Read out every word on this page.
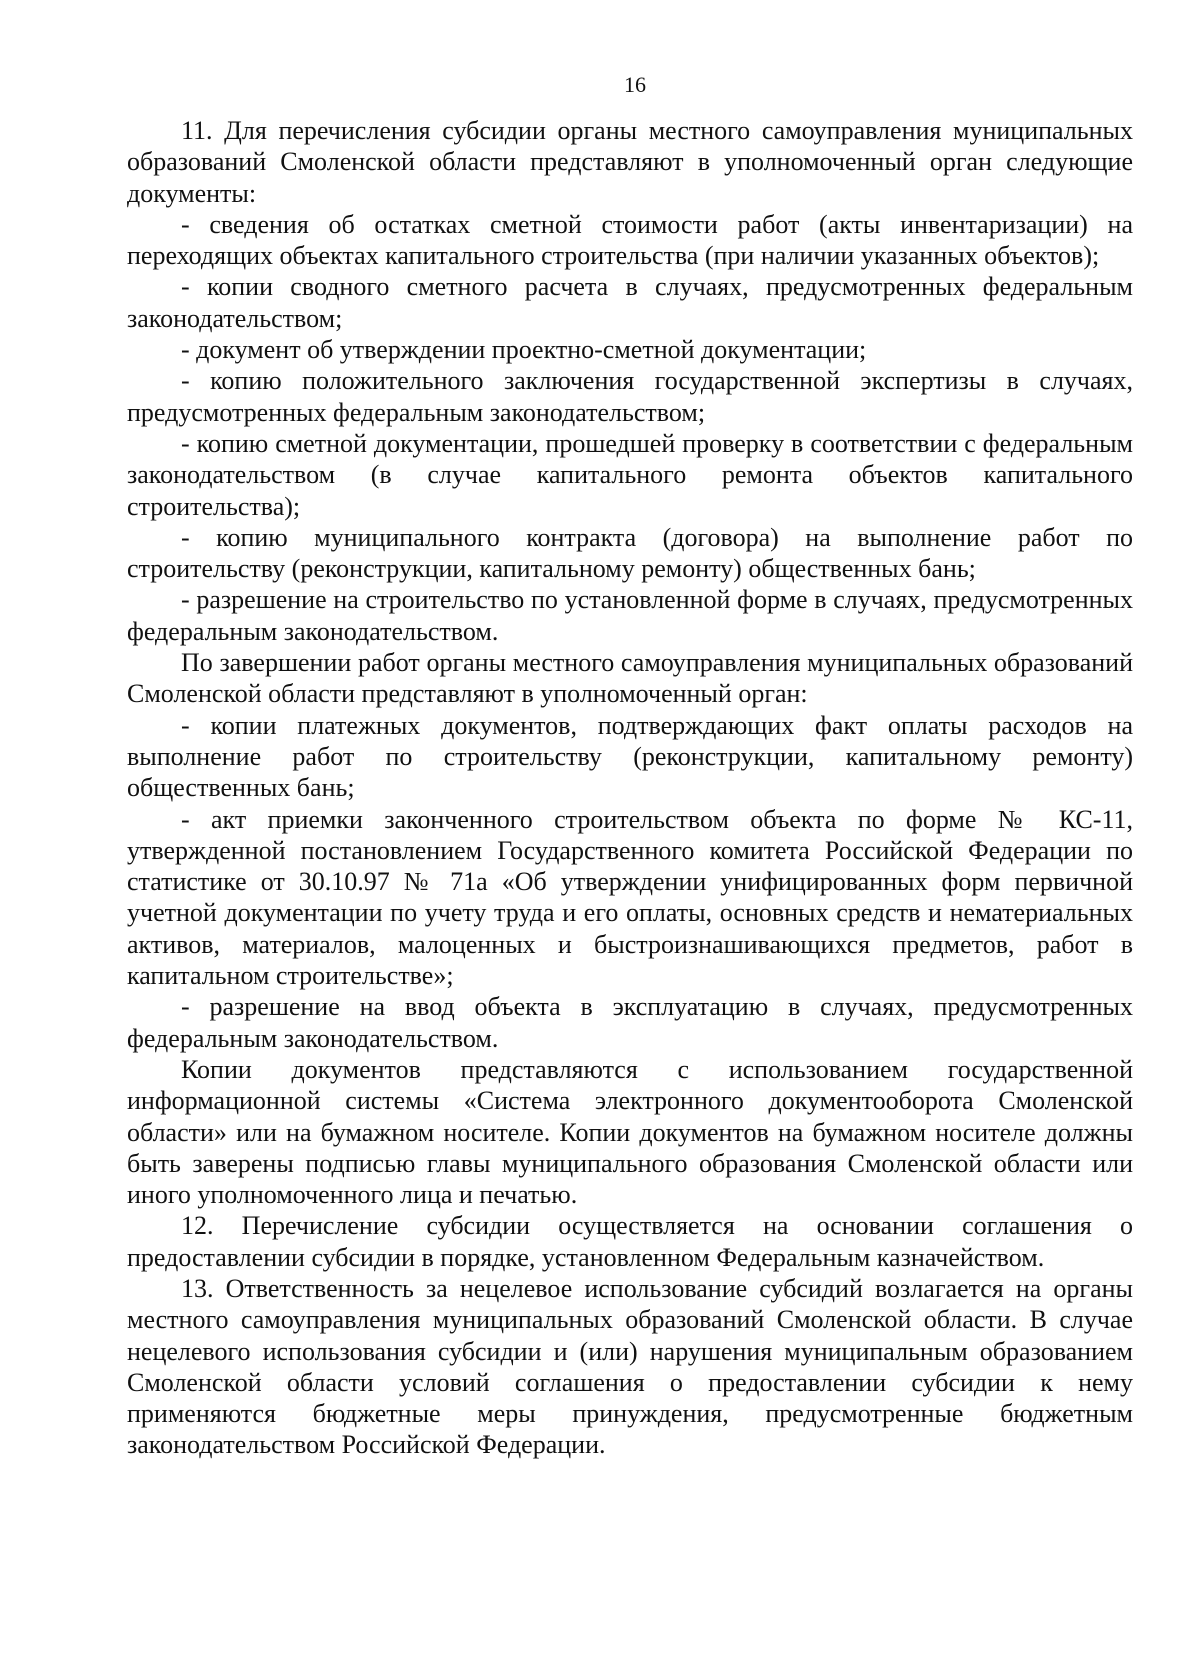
16

11. Для перечисления субсидии органы местного самоуправления муниципальных образований Смоленской области представляют в уполномоченный орган следующие документы:

- сведения об остатках сметной стоимости работ (акты инвентаризации) на переходящих объектах капитального строительства (при наличии указанных объектов);

- копии сводного сметного расчета в случаях, предусмотренных федеральным законодательством;

- документ об утверждении проектно-сметной документации;

- копию положительного заключения государственной экспертизы в случаях, предусмотренных федеральным законодательством;

- копию сметной документации, прошедшей проверку в соответствии с федеральным законодательством (в случае капитального ремонта объектов капитального строительства);

- копию муниципального контракта (договора) на выполнение работ по строительству (реконструкции, капитальному ремонту) общественных бань;

- разрешение на строительство по установленной форме в случаях, предусмотренных федеральным законодательством.

По завершении работ органы местного самоуправления муниципальных образований Смоленской области представляют в уполномоченный орган:

- копии платежных документов, подтверждающих факт оплаты расходов на выполнение работ по строительству (реконструкции, капитальному ремонту) общественных бань;

- акт приемки законченного строительством объекта по форме № КС-11, утвержденной постановлением Государственного комитета Российской Федерации по статистике от 30.10.97 № 71а «Об утверждении унифицированных форм первичной учетной документации по учету труда и его оплаты, основных средств и нематериальных активов, материалов, малоценных и быстроизнашивающихся предметов, работ в капитальном строительстве»;

- разрешение на ввод объекта в эксплуатацию в случаях, предусмотренных федеральным законодательством.

Копии документов представляются с использованием государственной информационной системы «Система электронного документооборота Смоленской области» или на бумажном носителе. Копии документов на бумажном носителе должны быть заверены подписью главы муниципального образования Смоленской области или иного уполномоченного лица и печатью.

12. Перечисление субсидии осуществляется на основании соглашения о предоставлении субсидии в порядке, установленном Федеральным казначейством.

13. Ответственность за нецелевое использование субсидий возлагается на органы местного самоуправления муниципальных образований Смоленской области. В случае нецелевого использования субсидии и (или) нарушения муниципальным образованием Смоленской области условий соглашения о предоставлении субсидии к нему применяются бюджетные меры принуждения, предусмотренные бюджетным законодательством Российской Федерации.
